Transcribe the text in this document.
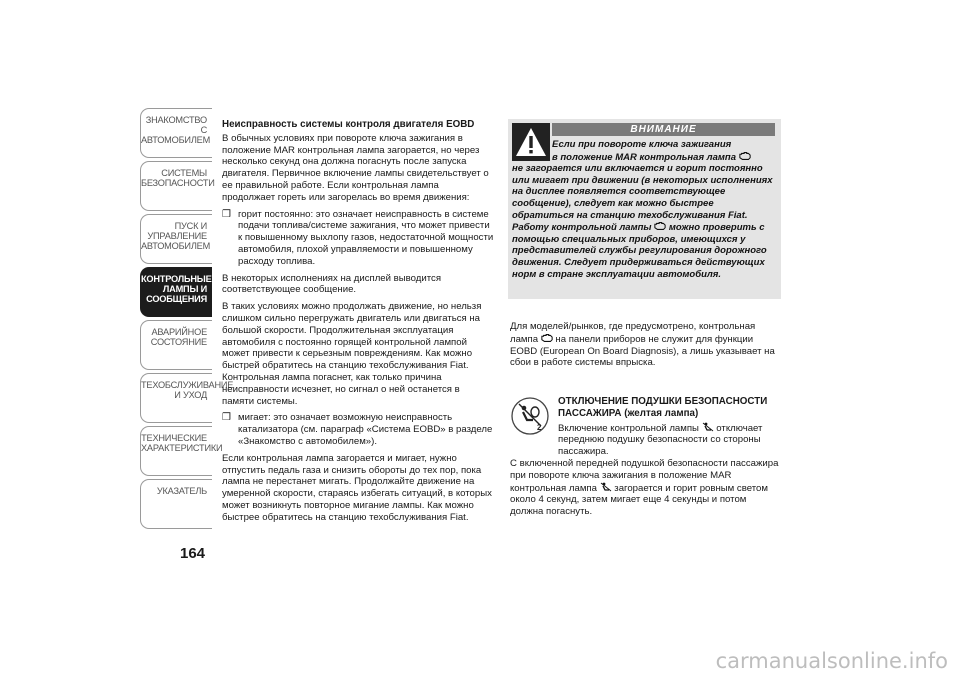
ЗНАКОМСТВО С
АВТОМОБИЛЕМ
СИСТЕМЫ
БЕЗОПАСНОСТИ
ПУСК И УПРАВЛЕНИЕ
АВТОМОБИЛЕМ
КОНТРОЛЬНЫЕ
ЛАМПЫ И
СООБЩЕНИЯ
АВАРИЙНОЕ
СОСТОЯНИЕ
ТЕХОБСЛУЖИВАНИЕ
И УХОД
ТЕХНИЧЕСКИЕ
ХАРАКТЕРИСТИКИ
УКАЗАТЕЛЬ
164
Неисправность системы контроля двигателя EOBD

В обычных условиях при повороте ключа зажигания в положение MAR контрольная лампа загорается, но через несколько секунд она должна погаснуть после запуска двигателя. Первичное включение лампы свидетельствует о ее правильной работе. Если контрольная лампа продолжает гореть или загорелась во время движения:

❒ горит постоянно: это означает неисправность в системе подачи топлива/системе зажигания, что может привести к повышенному выхлопу газов, недостаточной мощности автомобиля, плохой управляемости и повышенному расходу топлива.

В некоторых исполнениях на дисплей выводится соответствующее сообщение.

В таких условиях можно продолжать движение, но нельзя слишком сильно перегружать двигатель или двигаться на большой скорости. Продолжительная эксплуатация автомобиля с постоянно горящей контрольной лампой может привести к серьезным повреждениям. Как можно быстрей обратитесь на станцию техобслуживания Fiat. Контрольная лампа погаснет, как только причина неисправности исчезнет, но сигнал о ней останется в памяти системы.

❒ мигает: это означает возможную неисправность катализатора (см. параграф «Система EOBD» в разделе «Знакомство с автомобилем»).

Если контрольная лампа загорается и мигает, нужно отпустить педаль газа и снизить обороты до тех пор, пока лампа не перестанет мигать. Продолжайте движение на умеренной скорости, стараясь избегать ситуаций, в которых может возникнуть повторное мигание лампы. Как можно быстрее обратитесь на станцию техобслуживания Fiat.

ВНИМАНИЕ
Если при повороте ключа зажигания
в положение MAR контрольная лампа
не загорается или включается и горит постоянно или мигает при движении (в некоторых исполнениях на дисплее появляется соответствующее сообщение), следует как можно быстрее обратиться на станцию техобслуживания Fiat. Работу контрольной лампы можно проверить с помощью специальных приборов, имеющихся у представителей службы регулирования дорожного движения. Следует придерживаться действующих норм в стране эксплуатации автомобиля.

Для моделей/рынков, где предусмотрено, контрольная лампа на панели приборов не служит для функции EOBD (European On Board Diagnosis), а лишь указывает на сбои в работе системы впрыска.

2
ОТКЛЮЧЕНИЕ ПОДУШКИ БЕЗОПАСНОСТИ ПАССАЖИРА (желтая лампа)
Включение контрольной лампы отключает переднюю подушку безопасности со стороны пассажира.

С включенной передней подушкой безопасности пассажира при повороте ключа зажигания в положение MAR контрольная лампа загорается и горит ровным светом около 4 секунд, затем мигает еще 4 секунды и потом должна погаснуть.

carmanualsonline.info
